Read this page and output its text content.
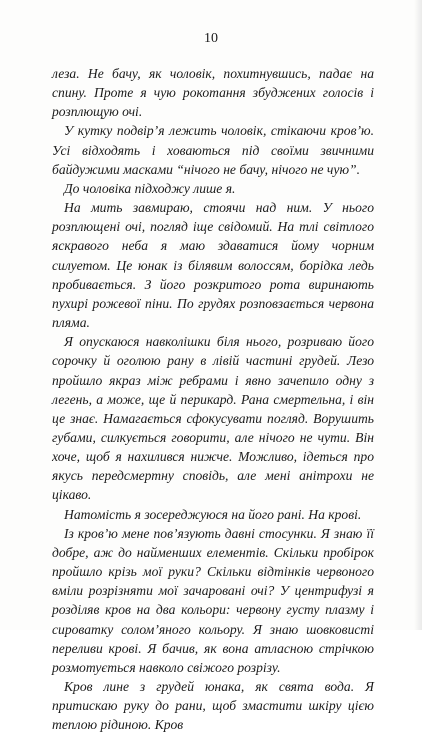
10

леза. Не бачу, як чоловік, похитнувшись, падає на спину. Проте я чую рокотання збуджених голосів і розплющую очі.

У кутку подвір’я лежить чоловік, стікаючи кров’ю. Усі відходять і ховаються під своїми звичними байдужими масками “нічого не бачу, нічого не чую”.

До чоловіка підходжу лише я.

На мить завмираю, стоячи над ним. У нього розплющені очі, погляд іще свідомий. На тлі світлого яскравого неба я маю здаватися йому чорним силуетом. Це юнак із білявим волоссям, борідка ледь пробивається. З його розкритого рота виринають пухирі рожевої піни. По грудях розповзається червона пляма.

Я опускаюся навколішки біля нього, розриваю його сорочку й оголюю рану в лівій частині грудей. Лезо пройшло якраз між ребрами і явно зачепило одну з легень, а може, ще й перикард. Рана смертельна, і він це знає. Намагається сфокусувати погляд. Ворушить губами, силкується говорити, але нічого не чути. Він хоче, щоб я нахилився нижче. Можливо, ідеться про якусь передсмертну сповідь, але мені анітрохи не цікаво.

Натомість я зосереджуюся на його рані. На крові.

Із кров’ю мене пов’язують давні стосунки. Я знаю її добре, аж до найменших елементів. Скільки пробірок пройшло крізь мої руки? Скільки відтінків червоного вміли розрізняти мої зачаровані очі? У центрифузі я розділяв кров на два кольори: червону густу плазму і сироватку солом’яного кольору. Я знаю шовковисті переливи крові. Я бачив, як вона атласною стрічкою розмотується навколо свіжого розрізу.

Кров лине з грудей юнака, як свята вода. Я притискаю руку до рани, щоб змастити шкіру цією теплою рідиною. Кров
